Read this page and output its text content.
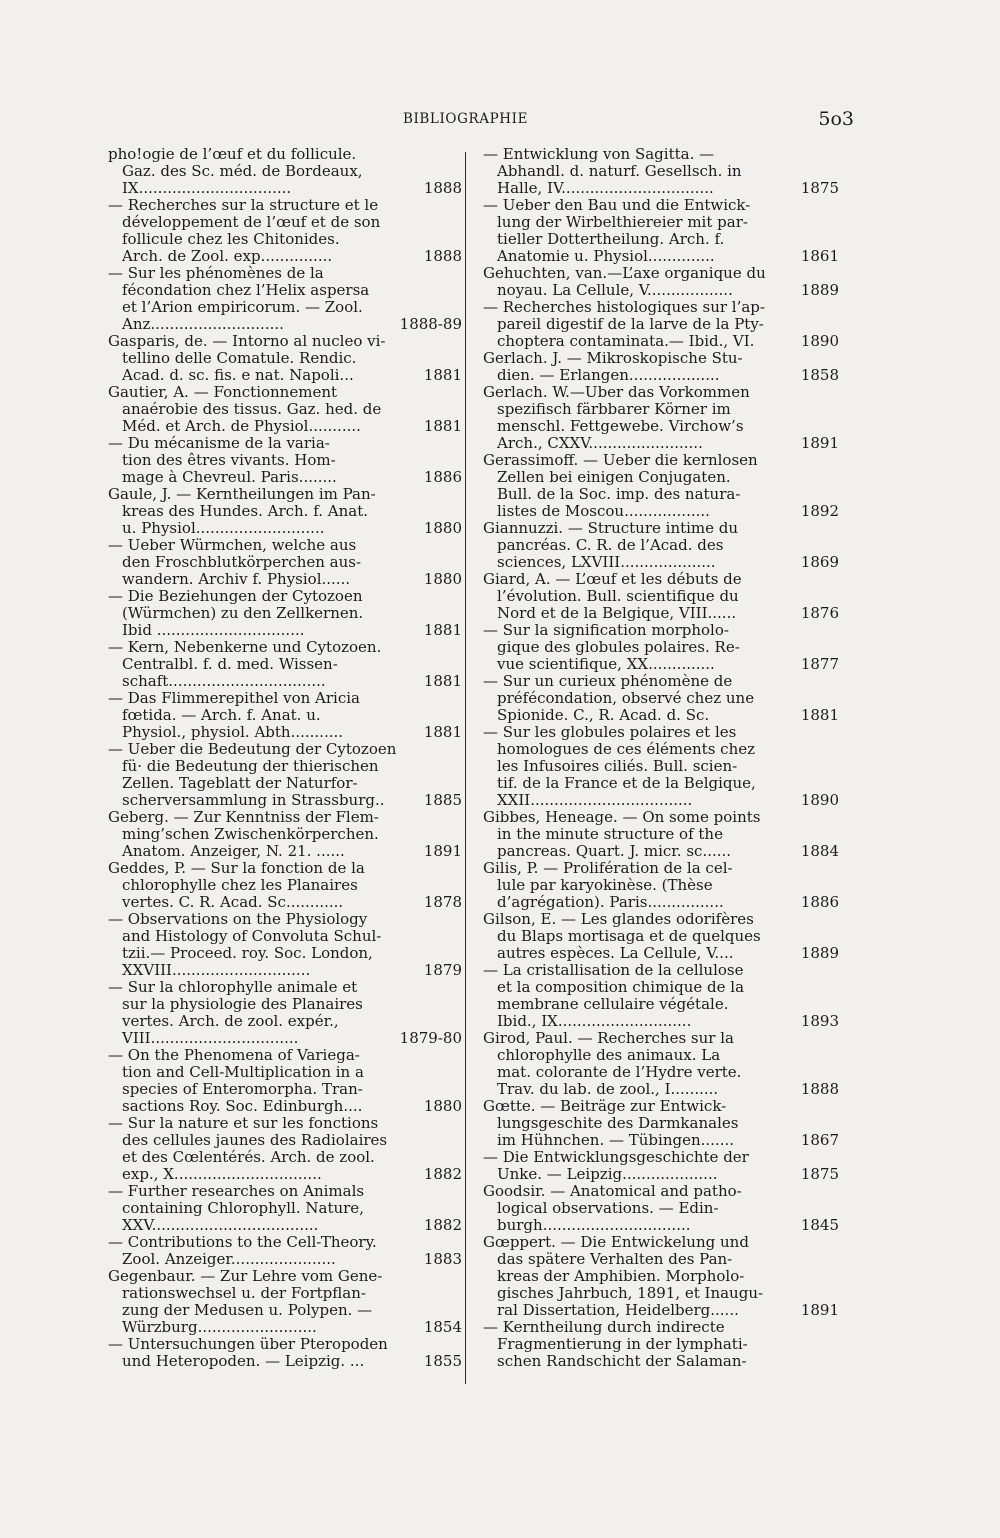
BIBLIOGRAPHIE	5o3
pho!ogie de l’œuf et du follicule.
Gaz. des Sc. méd. de Bordeaux,
IX................................	1888
— Recherches sur la structure et le
développement de l’œuf et de son
follicule chez les Chitonides.
Arch. de Zool. exp...............	1888
— Sur les phénomènes de la
fécondation chez l’Helix aspersa
et l’Arion empiricorum. — Zool.
Anz............................	1888-89
Gasparis, de. — Intorno al nucleo vi-
tellino delle Comatule. Rendic.
Acad. d. sc. fis. e nat. Napoli...	1881
Gautier, A. — Fonctionnement
anaérobie des tissus. Gaz. hed. de
Méd. et Arch. de Physiol...........	1881
— Du mécanisme de la varia-
tion des êtres vivants. Hom-
mage à Chevreul. Paris........	1886
Gaule, J. — Kerntheilungen im Pan-
kreas des Hundes. Arch. f. Anat.
u. Physiol...........................	1880
— Ueber Würmchen, welche aus
den Froschblutkörperchen aus-
wandern. Archiv f. Physiol......	1880
— Die Beziehungen der Cytozoen
(Würmchen) zu den Zellkernen.
Ibid ...............................	1881
— Kern, Nebenkerne und Cytozoen.
Centralbl. f. d. med. Wissen-
schaft.................................	1881
— Das Flimmerepithel von Aricia
fœtida. — Arch. f. Anat. u.
Physiol., physiol. Abth...........	1881
— Ueber die Bedeutung der Cytozoen
fü· die Bedeutung der thierischen
Zellen. Tageblatt der Naturfor-
scherversammlung in Strassburg..	1885
Geberg. — Zur Kenntniss der Flem-
ming’schen Zwischenkörperchen.
Anatom. Anzeiger, N. 21. ......	1891
Geddes, P. — Sur la fonction de la
chlorophylle chez les Planaires
vertes. C. R. Acad. Sc............	1878
— Observations on the Physiology
and Histology of Convoluta Schul-
tzii.— Proceed. roy. Soc. London,
XXVIII.............................	1879
— Sur la chlorophylle animale et
sur la physiologie des Planaires
vertes. Arch. de zool. expér.,
VIII...............................	1879-80
— On the Phenomena of Variega-
tion and Cell-Multiplication in a
species of Enteromorpha. Tran-
sactions Roy. Soc. Edinburgh....	1880
— Sur la nature et sur les fonctions
des cellules jaunes des Radiolaires
et des Cœlentérés. Arch. de zool.
exp., X...............................	1882
— Further researches on Animals
containing Chlorophyll. Nature,
XXV...................................	1882
— Contributions to the Cell-Theory.
Zool. Anzeiger......................	1883
Gegenbaur. — Zur Lehre vom Gene-
rationswechsel u. der Fortpflan-
zung der Medusen u. Polypen. —
Würzburg.........................	1854
— Untersuchungen über Pteropoden
und Heteropoden. — Leipzig. ...	1855
— Entwicklung von Sagitta. —
Abhandl. d. naturf. Gesellsch. in
Halle, IV................................	1875
— Ueber den Bau und die Entwick-
lung der Wirbelthiereier mit par-
tieller Dottertheilung. Arch. f.
Anatomie u. Physiol..............	1861
Gehuchten, van.—L’axe organique du
noyau. La Cellule, V..................	1889
— Recherches histologiques sur l’ap-
pareil digestif de la larve de la Pty-
choptera contaminata.— Ibid., VI.	1890
Gerlach. J. — Mikroskopische Stu-
dien. — Erlangen...................	1858
Gerlach. W.—Uber das Vorkommen
spezifisch färbbarer Körner im
menschl. Fettgewebe. Virchow’s
Arch., CXXV........................	1891
Gerassimoff. — Ueber die kernlosen
Zellen bei einigen Conjugaten.
Bull. de la Soc. imp. des natura-
listes de Moscou..................	1892
Giannuzzi. — Structure intime du
pancréas. C. R. de l’Acad. des
sciences, LXVIII....................	1869
Giard, A. — L’œuf et les débuts de
l’évolution. Bull. scientifique du
Nord et de la Belgique, VIII......	1876
— Sur la signification morpholo-
gique des globules polaires. Re-
vue scientifique, XX..............	1877
— Sur un curieux phénomène de
préfécondation, observé chez une
Spionide. C., R. Acad. d. Sc.	1881
— Sur les globules polaires et les
homologues de ces éléments chez
les Infusoires ciliés. Bull. scien-
tif. de la France et de la Belgique,
XXII..................................	1890
Gibbes, Heneage. — On some points
in the minute structure of the
pancreas. Quart. J. micr. sc......	1884
Gilis, P. — Prolifération de la cel-
lule par karyokinèse. (Thèse
d’agrégation). Paris................	1886
Gilson, E. — Les glandes odorifères
du Blaps mortisaga et de quelques
autres espèces. La Cellule, V....	1889
— La cristallisation de la cellulose
et la composition chimique de la
membrane cellulaire végétale.
Ibid., IX............................	1893
Girod, Paul. — Recherches sur la
chlorophylle des animaux. La
mat. colorante de l’Hydre verte.
Trav. du lab. de zool., I..........	1888
Gœtte. — Beiträge zur Entwick-
lungsgeschite des Darmkanales
im Hühnchen. — Tübingen.......	1867
— Die Entwicklungsgeschichte der
Unke. — Leipzig....................	1875
Goodsir. — Anatomical and patho-
logical observations. — Edin-
burgh...............................	1845
Gœppert. — Die Entwickelung und
das spätere Verhalten des Pan-
kreas der Amphibien. Morpholo-
gisches Jahrbuch, 1891, et Inaugu-
ral Dissertation, Heidelberg......	1891
— Kerntheilung durch indirecte
Fragmentierung in der lymphati-
schen Randschicht der Salaman-
